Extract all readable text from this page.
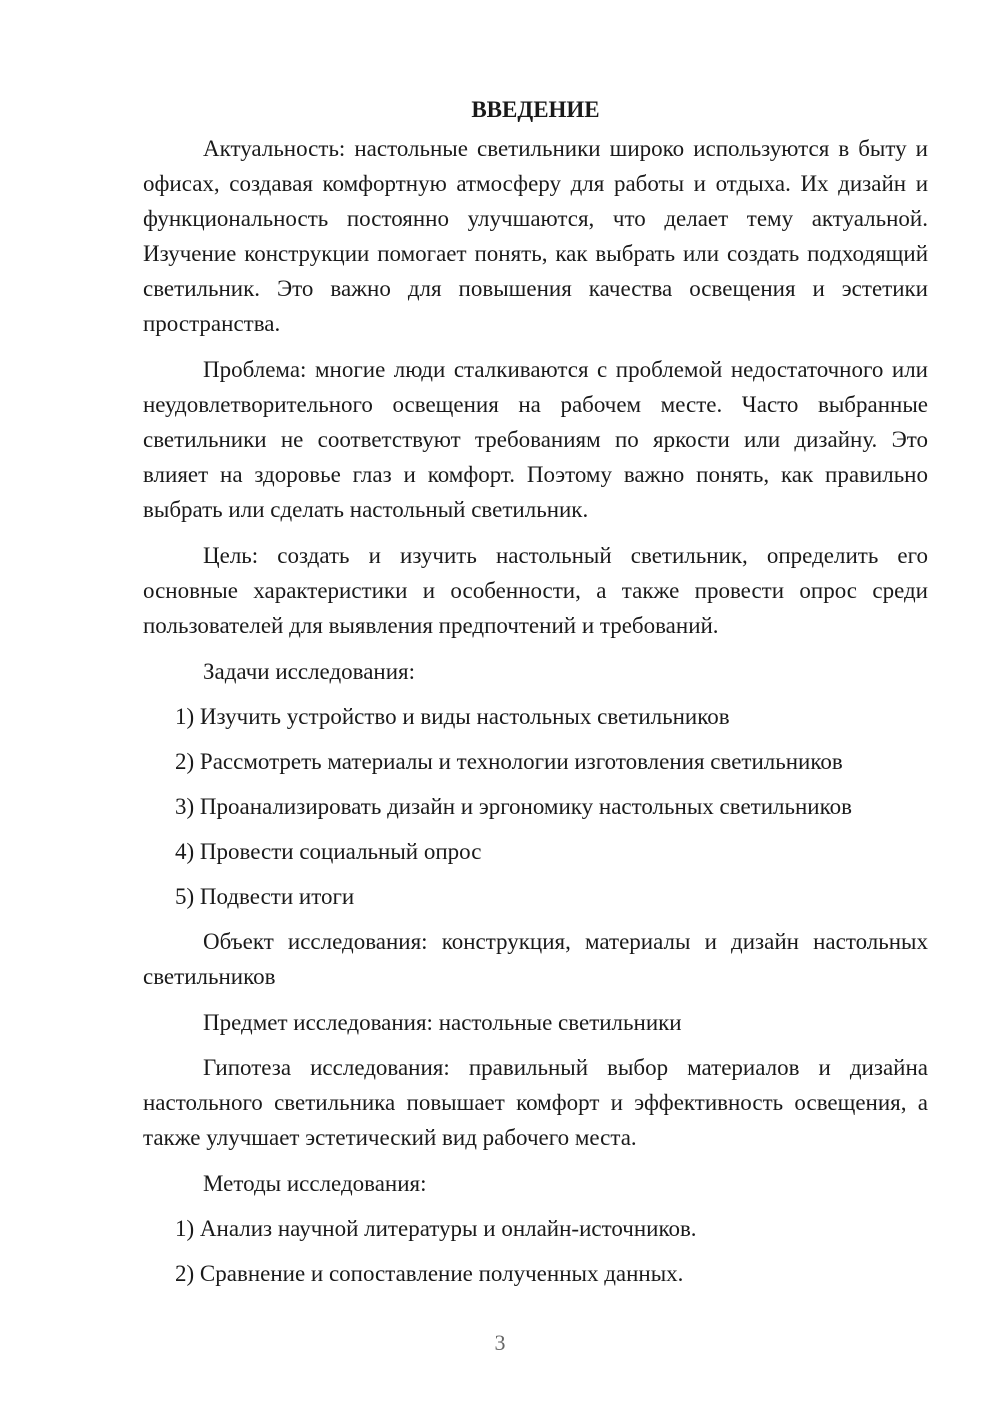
ВВЕДЕНИЕ

Актуальность: настольные светильники широко используются в быту и офисах, создавая комфортную атмосферу для работы и отдыха. Их дизайн и функциональность постоянно улучшаются, что делает тему актуальной. Изучение конструкции помогает понять, как выбрать или создать подходящий светильник. Это важно для повышения качества освещения и эстетики пространства.

Проблема: многие люди сталкиваются с проблемой недостаточного или неудовлетворительного освещения на рабочем месте. Часто выбранные светильники не соответствуют требованиям по яркости или дизайну. Это влияет на здоровье глаз и комфорт. Поэтому важно понять, как правильно выбрать или сделать настольный светильник.

Цель: создать и изучить настольный светильник, определить его основные характеристики и особенности, а также провести опрос среди пользователей для выявления предпочтений и требований.

Задачи исследования:
1) Изучить устройство и виды настольных светильников
2) Рассмотреть материалы и технологии изготовления светильников
3) Проанализировать дизайн и эргономику настольных светильников
4) Провести социальный опрос
5) Подвести итоги

Объект исследования: конструкция, материалы и дизайн настольных светильников

Предмет исследования: настольные светильники

Гипотеза исследования: правильный выбор материалов и дизайна настольного светильника повышает комфорт и эффективность освещения, а также улучшает эстетический вид рабочего места.

Методы исследования:
1) Анализ научной литературы и онлайн-источников.
2) Сравнение и сопоставление полученных данных.
3
